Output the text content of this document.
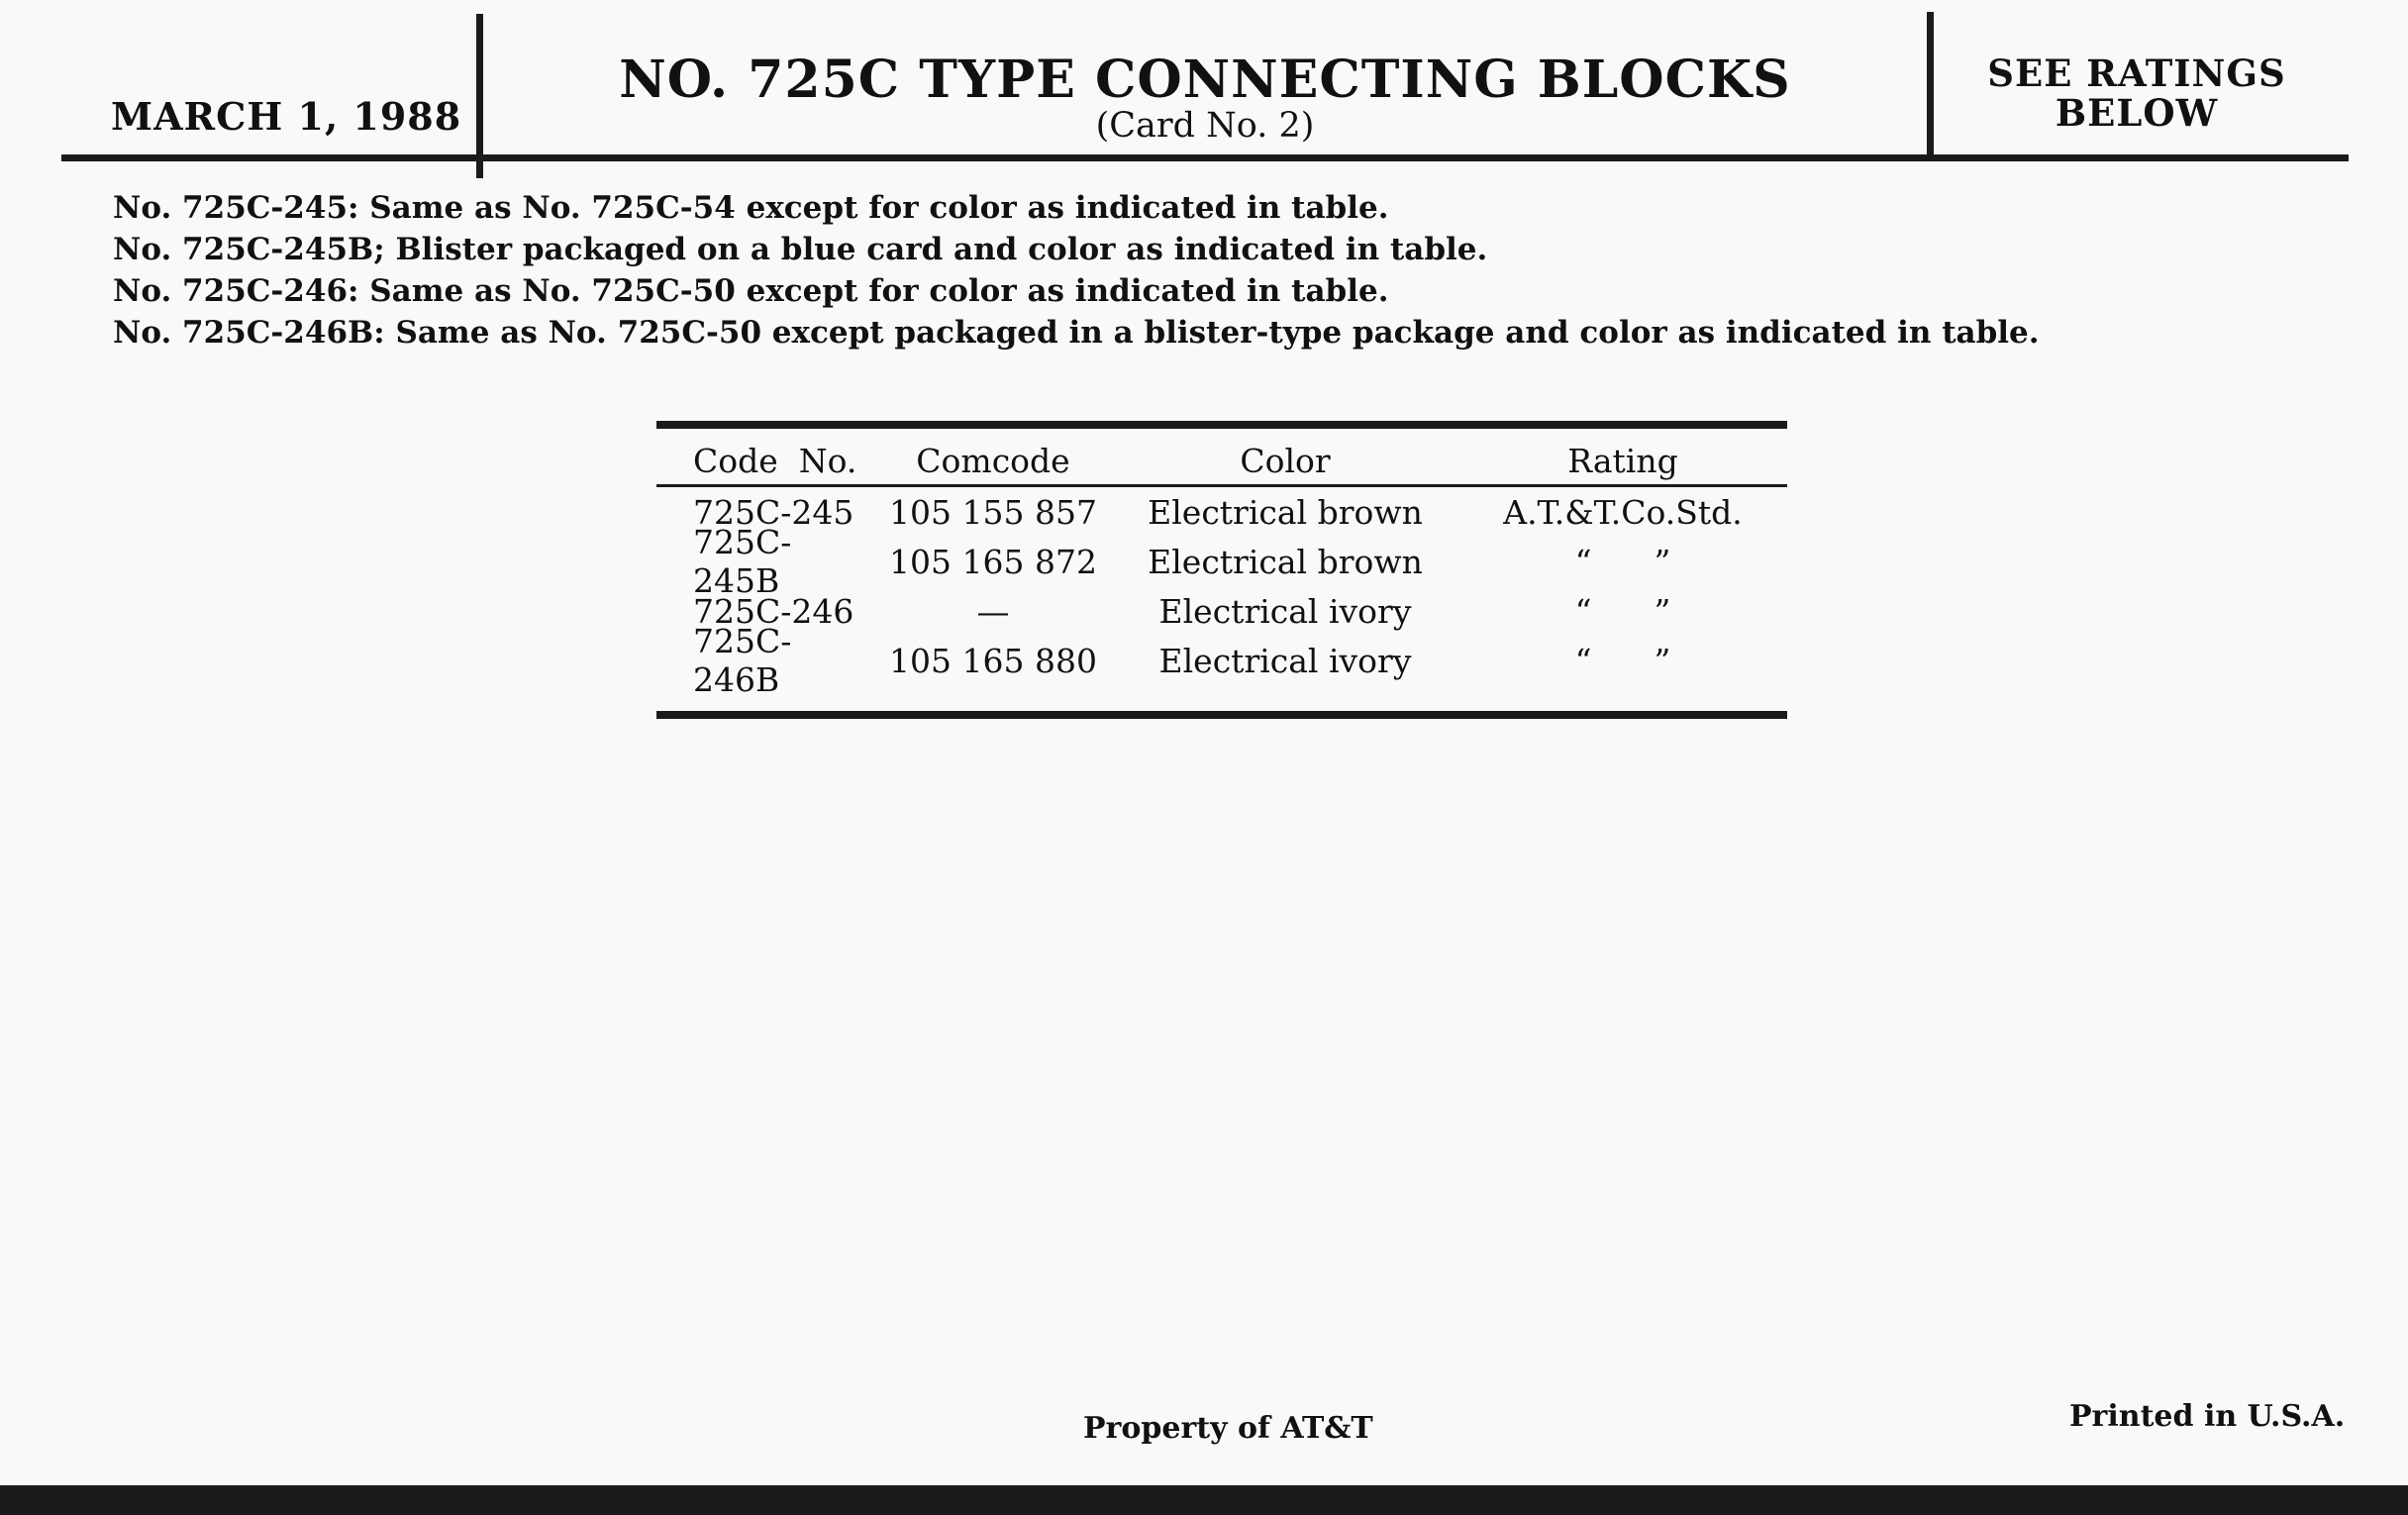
MARCH 1, 1988
NO. 725C TYPE CONNECTING BLOCKS
(Card No. 2)
SEE RATINGS
BELOW
No. 725C-245: Same as No. 725C-54 except for color as indicated in table.
No. 725C-245B; Blister packaged on a blue card and color as indicated in table.
No. 725C-246: Same as No. 725C-50 except for color as indicated in table.
No. 725C-246B: Same as No. 725C-50 except packaged in a blister-type package and color as indicated in table.
Code  No.	Comcode	Color	Rating
725C-245	105 155 857	Electrical brown	A.T.&T.Co.Std.
725C-245B	105 165 872	Electrical brown	“      ”
725C-246	—	Electrical ivory	“      ”
725C-246B	105 165 880	Electrical ivory	“      ”
Property of AT&T	Printed in U.S.A.
